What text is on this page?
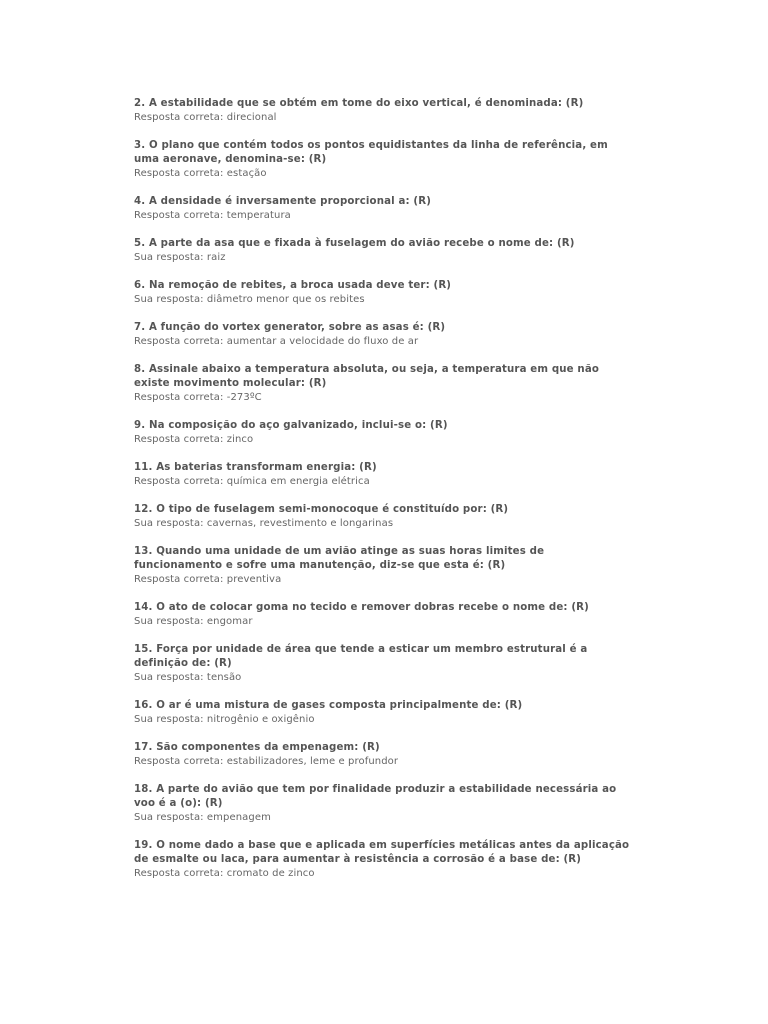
2. A estabilidade que se obtém em tome do eixo vertical, é denominada: (R)
Resposta correta: direcional
3. O plano que contém todos os pontos equidistantes da linha de referência, em uma aeronave, denomina-se: (R)
Resposta correta: estação
4. A densidade é inversamente proporcional a: (R)
Resposta correta: temperatura
5. A parte da asa que e fixada à fuselagem do avião recebe o nome de: (R)
Sua resposta: raiz
6. Na remoção de rebites, a broca usada deve ter: (R)
Sua resposta: diâmetro menor que os rebites
7. A função do vortex generator, sobre as asas é: (R)
Resposta correta: aumentar a velocidade do fluxo de ar
8. Assinale abaixo a temperatura absoluta, ou seja, a temperatura em que não existe movimento molecular: (R)
Resposta correta: -273ºC
9. Na composição do aço galvanizado, inclui-se o: (R)
Resposta correta: zinco
11. As baterias transformam energia: (R)
Resposta correta: química em energia elétrica
12. O tipo de fuselagem semi-monocoque é constituído por: (R)
Sua resposta: cavernas, revestimento e longarinas
13. Quando uma unidade de um avião atinge as suas horas limites de funcionamento e sofre uma manutenção, diz-se que esta é: (R)
Resposta correta: preventiva
14. O ato de colocar goma no tecido e remover dobras recebe o nome de: (R)
Sua resposta: engomar
15. Força por unidade de área que tende a esticar um membro estrutural é a definição de: (R)
Sua resposta: tensão
16. O ar é uma mistura de gases composta principalmente de: (R)
Sua resposta: nitrogênio e oxigênio
17. São componentes da empenagem: (R)
Resposta correta: estabilizadores, leme e profundor
18. A parte do avião que tem por finalidade produzir a estabilidade necessária ao voo é a (o): (R)
Sua resposta: empenagem
19. O nome dado a base que e aplicada em superfícies metálicas antes da aplicação de esmalte ou laca, para aumentar à resistência a corrosão é a base de: (R)
Resposta correta: cromato de zinco
